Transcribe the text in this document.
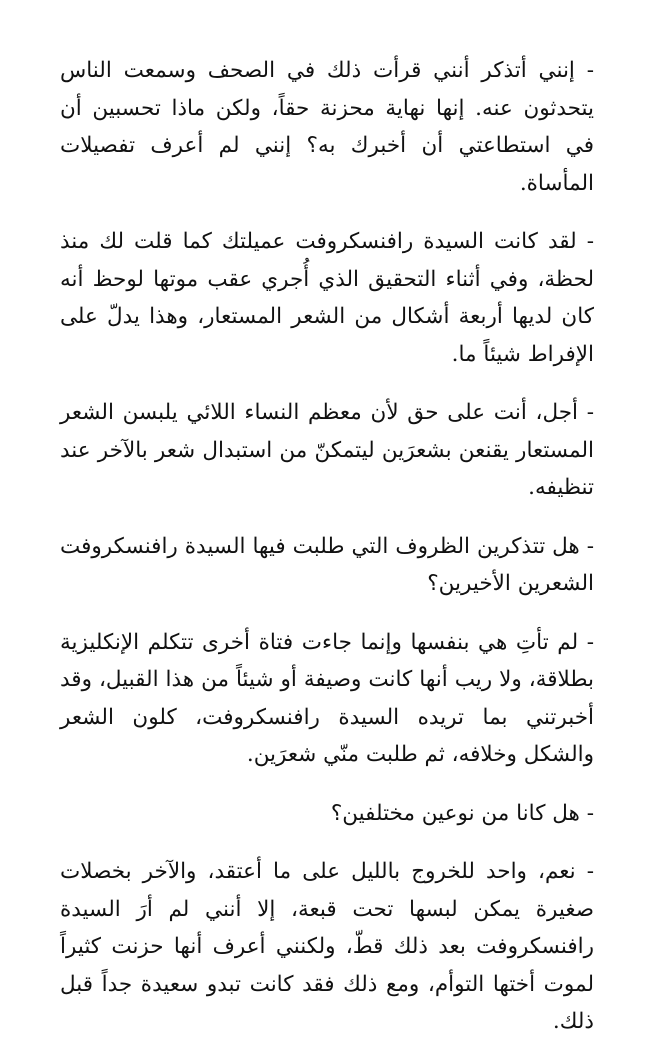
- إنني أتذكر أنني قرأت ذلك في الصحف وسمعت الناس يتحدثون عنه. إنها نهاية محزنة حقاً، ولكن ماذا تحسبين أن في استطاعتي أن أخبرك به؟ إنني لم أعرف تفصيلات المأساة.

- لقد كانت السيدة رافنسكروفت عميلتك كما قلت لك منذ لحظة، وفي أثناء التحقيق الذي أُجري عقب موتها لوحظ أنه كان لديها أربعة أشكال من الشعر المستعار، وهذا يدلّ على الإفراط شيئاً ما.

- أجل، أنت على حق لأن معظم النساء اللائي يلبسن الشعر المستعار يقنعن بشعرَين ليتمكنّ من استبدال شعر بالآخر عند تنظيفه.

- هل تتذكرين الظروف التي طلبت فيها السيدة رافنسكروفت الشعرين الأخيرين؟

- لم تأتِ هي بنفسها وإنما جاءت فتاة أخرى تتكلم الإنكليزية بطلاقة، ولا ريب أنها كانت وصيفة أو شيئاً من هذا القبيل، وقد أخبرتني بما تريده السيدة رافنسكروفت، كلون الشعر والشكل وخلافه، ثم طلبت منّي شعرَين.

- هل كانا من نوعين مختلفين؟

- نعم، واحد للخروج بالليل على ما أعتقد، والآخر بخصلات صغيرة يمكن لبسها تحت قبعة، إلا أنني لم أرَ السيدة رافنسكروفت بعد ذلك قطّ، ولكنني أعرف أنها حزنت كثيراً لموت أختها التوأم، ومع ذلك فقد كانت تبدو سعيدة جداً قبل ذلك.
